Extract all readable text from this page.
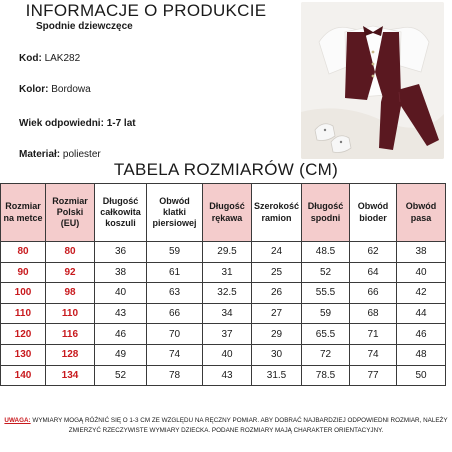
INFORMACJE O PRODUKCIE
Spodnie dziewczęce
Kod: LAK282
Kolor: Bordowa
Wiek odpowiedni: 1-7 lat
Materiał: poliester
TABELA ROZMIARÓW (CM)
Rozmiar na metce	Rozmiar Polski (EU)	Długość całkowita koszuli	Obwód klatki piersiowej	Długość rękawa	Szerokość ramion	Długość spodni	Obwód bioder	Obwód pasa
80	80	36	59	29.5	24	48.5	62	38
90	92	38	61	31	25	52	64	40
100	98	40	63	32.5	26	55.5	66	42
110	110	43	66	34	27	59	68	44
120	116	46	70	37	29	65.5	71	46
130	128	49	74	40	30	72	74	48
140	134	52	78	43	31.5	78.5	77	50
UWAGA: WYMIARY MOGĄ RÓŻNIĆ SIĘ O 1-3 CM ZE WZGLĘDU NA RĘCZNY POMIAR. ABY DOBRAĆ NAJBARDZIEJ ODPOWIEDNI ROZMIAR, NALEŻY ZMIERZYĆ RZECZYWISTE WYMIARY DZIECKA. PODANE ROZMIARY MAJĄ CHARAKTER ORIENTACYJNY.
